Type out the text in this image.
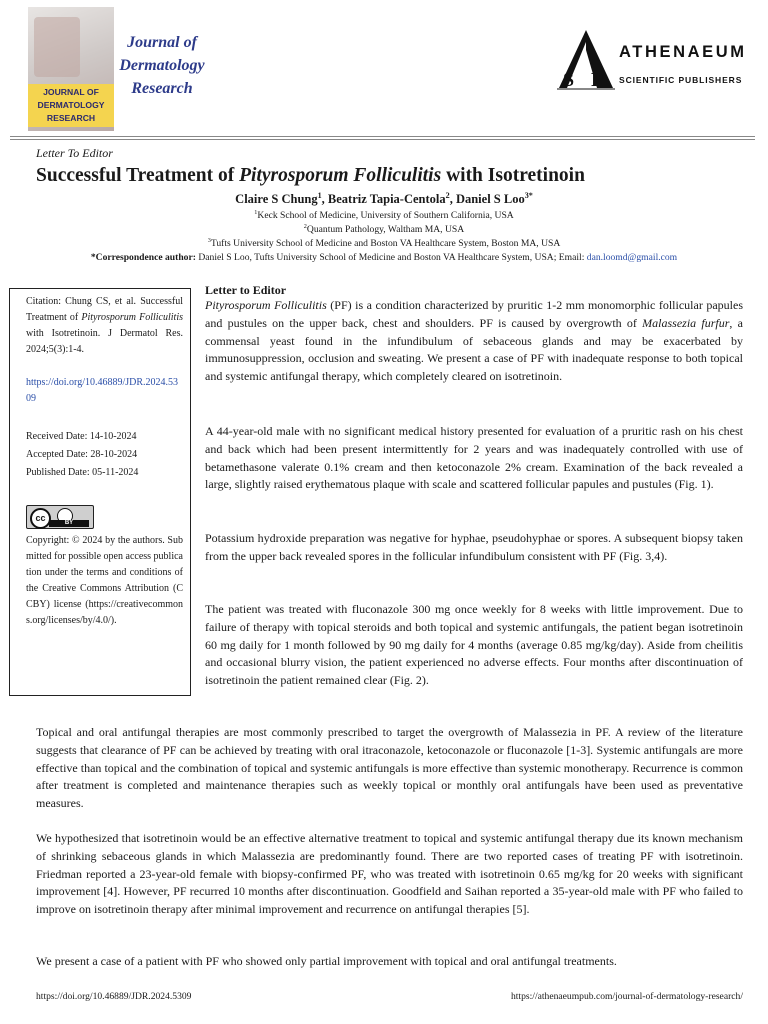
JOURNAL OF
DERMATOLOGY
RESEARCH
Journal of
Dermatology
Research	S P
ATHENAEUM
SCIENTIFIC PUBLISHERS
Letter To Editor
Successful Treatment of Pityrosporum Folliculitis with Isotretinoin
Claire S Chung$^1$, Beatriz Tapia-Centola$^2$, Daniel S Loo$^{3*}$
$^1$Keck School of Medicine, University of Southern California, USA
$^2$Quantum Pathology, Waltham MA, USA
$^3$Tufts University School of Medicine and Boston VA Healthcare System, Boston MA, USA
*Correspondence author: Daniel S Loo, Tufts University School of Medicine and Boston VA Healthcare System, USA; Email: dan.loomd@gmail.com
Citation: Chung CS, et al. Successful Treatment of Pityrosporum Folliculitis with Isotretinoin. J Dermatol Res. 2024;5(3):1-4.
https://doi.org/10.46889/JDR.2024.5309
Received Date: 14-10-2024
Accepted Date: 28-10-2024
Published Date: 05-11-2024
Copyright: © 2024 by the authors. Submitted for possible open access publication under the terms and conditions of the Creative Commons Attribution (CCBY) license (https://creativecommons.org/licenses/by/4.0/).
cc	BY
Letter to Editor
Pityrosporum Folliculitis (PF) is a condition characterized by pruritic 1-2 mm monomorphic follicular papules and pustules on the upper back, chest and shoulders. PF is caused by overgrowth of Malassezia furfur, a commensal yeast found in the infundibulum of sebaceous glands and may be exacerbated by immunosuppression, occlusion and sweating. We present a case of PF with inadequate response to both topical and systemic antifungal therapy, which completely cleared on isotretinoin.
A 44-year-old male with no significant medical history presented for evaluation of a pruritic rash on his chest and back which had been present intermittently for 2 years and was inadequately controlled with use of betamethasone valerate 0.1% cream and then ketoconazole 2% cream. Examination of the back revealed a large, slightly raised erythematous plaque with scale and scattered follicular papules and pustules (Fig. 1).
Potassium hydroxide preparation was negative for hyphae, pseudohyphae or spores. A subsequent biopsy taken from the upper back revealed spores in the follicular infundibulum consistent with PF (Fig. 3,4).
The patient was treated with fluconazole 300 mg once weekly for 8 weeks with little improvement. Due to failure of therapy with topical steroids and both topical and systemic antifungals, the patient began isotretinoin 60 mg daily for 1 month followed by 90 mg daily for 4 months (average 0.85 mg/kg/day). Aside from cheilitis and occasional blurry vision, the patient experienced no adverse effects. Four months after discontinuation of isotretinoin the patient remained clear (Fig. 2).
Topical and oral antifungal therapies are most commonly prescribed to target the overgrowth of Malassezia in PF. A review of the literature suggests that clearance of PF can be achieved by treating with oral itraconazole, ketoconazole or fluconazole [1-3]. Systemic antifungals are more effective than topical and the combination of topical and systemic antifungals is more effective than systemic monotherapy. Recurrence is common after treatment is completed and maintenance therapies such as weekly topical or monthly oral antifungals have been used as preventative measures.
We hypothesized that isotretinoin would be an effective alternative treatment to topical and systemic antifungal therapy due its known mechanism of shrinking sebaceous glands in which Malassezia are predominantly found. There are two reported cases of treating PF with isotretinoin. Friedman reported a 23-year-old female with biopsy-confirmed PF, who was treated with isotretinoin 0.65 mg/kg for 20 weeks with significant improvement [4]. However, PF recurred 10 months after discontinuation. Goodfield and Saihan reported a 35-year-old male with PF who failed to improve on isotretinoin therapy after minimal improvement and recurrence on antifungal therapies [5].
We present a case of a patient with PF who showed only partial improvement with topical and oral antifungal treatments.
https://doi.org/10.46889/JDR.2024.5309	https://athenaeumpub.com/journal-of-dermatology-research/
